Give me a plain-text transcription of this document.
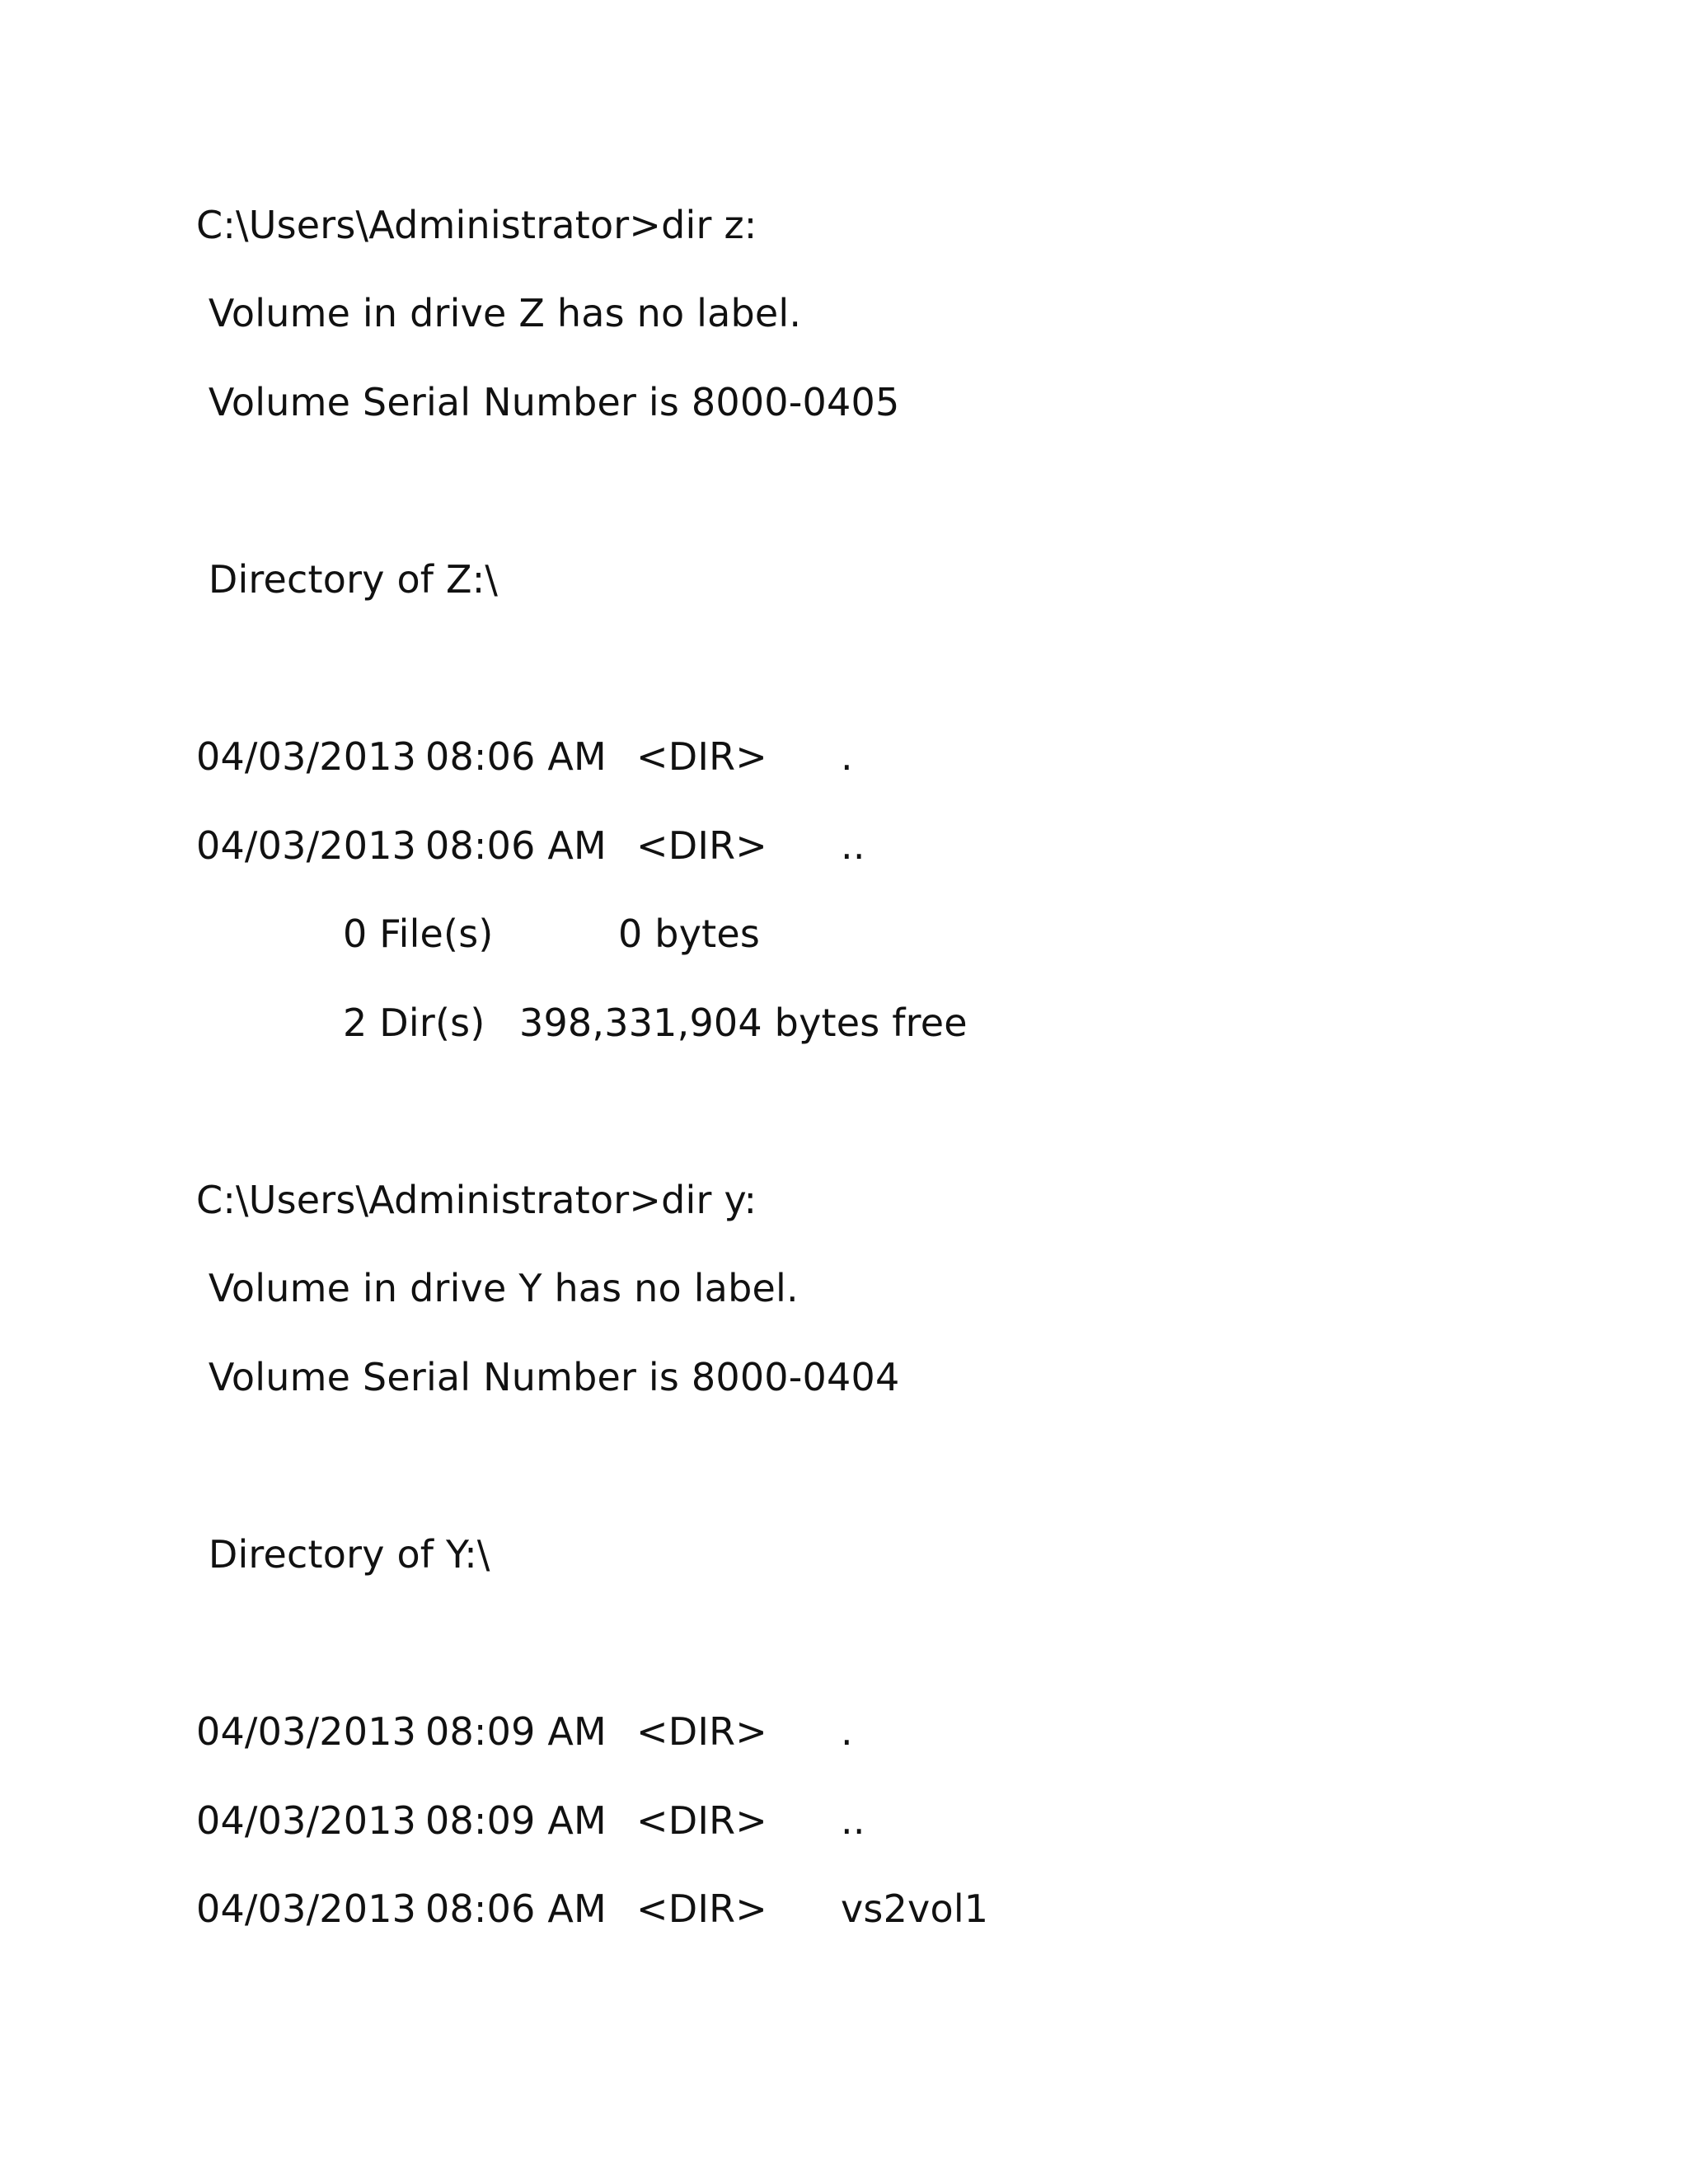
C:\Users\Administrator>dir z:
Volume in drive Z has no label.
Volume Serial Number is 8000-0405
Directory of Z:\
04/03/2013 08:06 AM <DIR> .
04/03/2013 08:06 AM <DIR> ..
0 File(s)	0 bytes
2 Dir(s) 398,331,904 bytes free
C:\Users\Administrator>dir y:
Volume in drive Y has no label.
Volume Serial Number is 8000-0404
Directory of Y:\
04/03/2013 08:09 AM <DIR> .
04/03/2013 08:09 AM <DIR> ..
04/03/2013 08:06 AM <DIR> vs2vol1
